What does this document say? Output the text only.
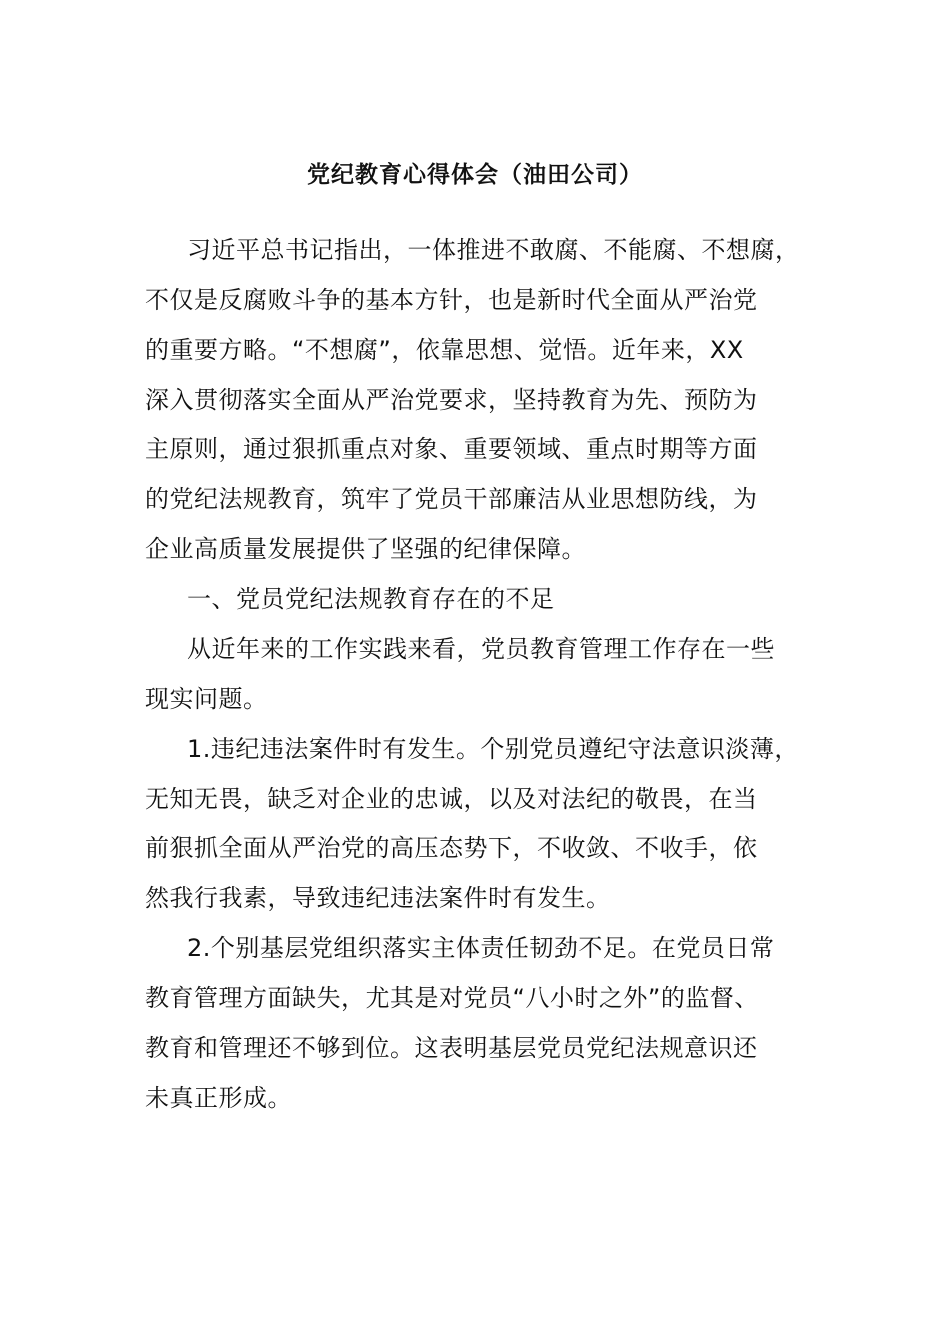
党纪教育心得体会（油田公司）
习近平总书记指出，一体推进不敢腐、不能腐、不想腐，
不仅是反腐败斗争的基本方针，也是新时代全面从严治党
的重要方略。“不想腐”，依靠思想、觉悟。近年来，XX
深入贯彻落实全面从严治党要求，坚持教育为先、预防为
主原则，通过狠抓重点对象、重要领域、重点时期等方面
的党纪法规教育，筑牢了党员干部廉洁从业思想防线，为
企业高质量发展提供了坚强的纪律保障。
一、党员党纪法规教育存在的不足
从近年来的工作实践来看，党员教育管理工作存在一些
现实问题。
1.违纪违法案件时有发生。个别党员遵纪守法意识淡薄，
无知无畏，缺乏对企业的忠诚，以及对法纪的敬畏，在当
前狠抓全面从严治党的高压态势下，不收敛、不收手，依
然我行我素，导致违纪违法案件时有发生。
2.个别基层党组织落实主体责任韧劲不足。在党员日常
教育管理方面缺失，尤其是对党员“八小时之外”的监督、
教育和管理还不够到位。这表明基层党员党纪法规意识还
未真正形成。
